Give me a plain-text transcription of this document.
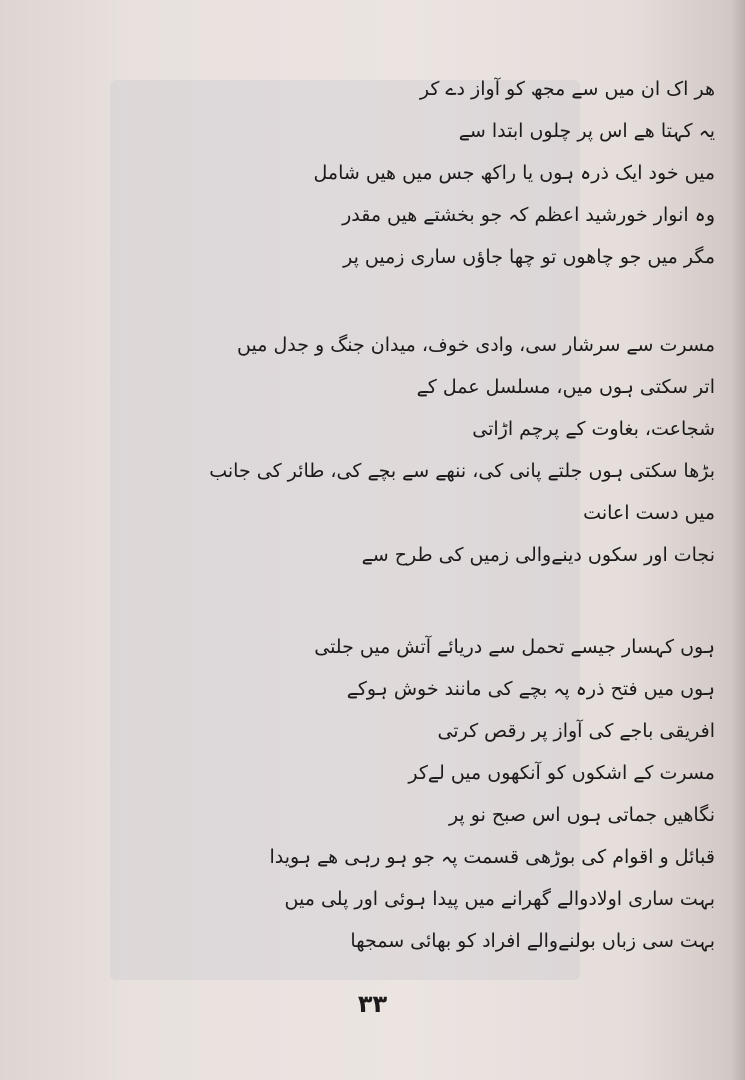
هر اک ان میں سے مجھ کو آواز دے کر
یہ کہتا ھے اس پر چلوں ابتدا سے
میں خود ایک ذرہ ہوں یا راکھ جس میں ھیں شامل
وہ انوار خورشید اعظم کہ جو بخشتے ھیں مقدر
مگر میں جو چاھوں تو چھا جاؤں ساری زمیں پر
مسرت سے سرشار سی، وادی خوف، میدان جنگ و جدل میں
اتر سکتی ہوں میں، مسلسل عمل کے
شجاعت، بغاوت کے پرچم اڑاتی
بڑھا سکتی ہوں جلتے پانی کی، ننھے سے بچے کی، طائر کی جانب
میں دست اعانت
نجات اور سکوں دینےوالی زمیں کی طرح سے
ہوں کہسار جیسے تحمل سے دریائے آتش میں جلتی
ہوں میں فتح ذرہ پہ بچے کی مانند خوش ہوکے
افریقی باجے کی آواز پر رقص کرتی
مسرت کے اشکوں کو آنکھوں میں لےکر
نگاھیں جماتی ہوں اس صبح نو پر
قبائل و اقوام کی بوڑھی قسمت پہ جو ہو رہی ھے ہویدا
بہت ساری اولادوالے گھرانے میں پیدا ہوئی اور پلی میں
بہت سی زباں بولنےوالے افراد کو بھائی سمجھا
۳۳
